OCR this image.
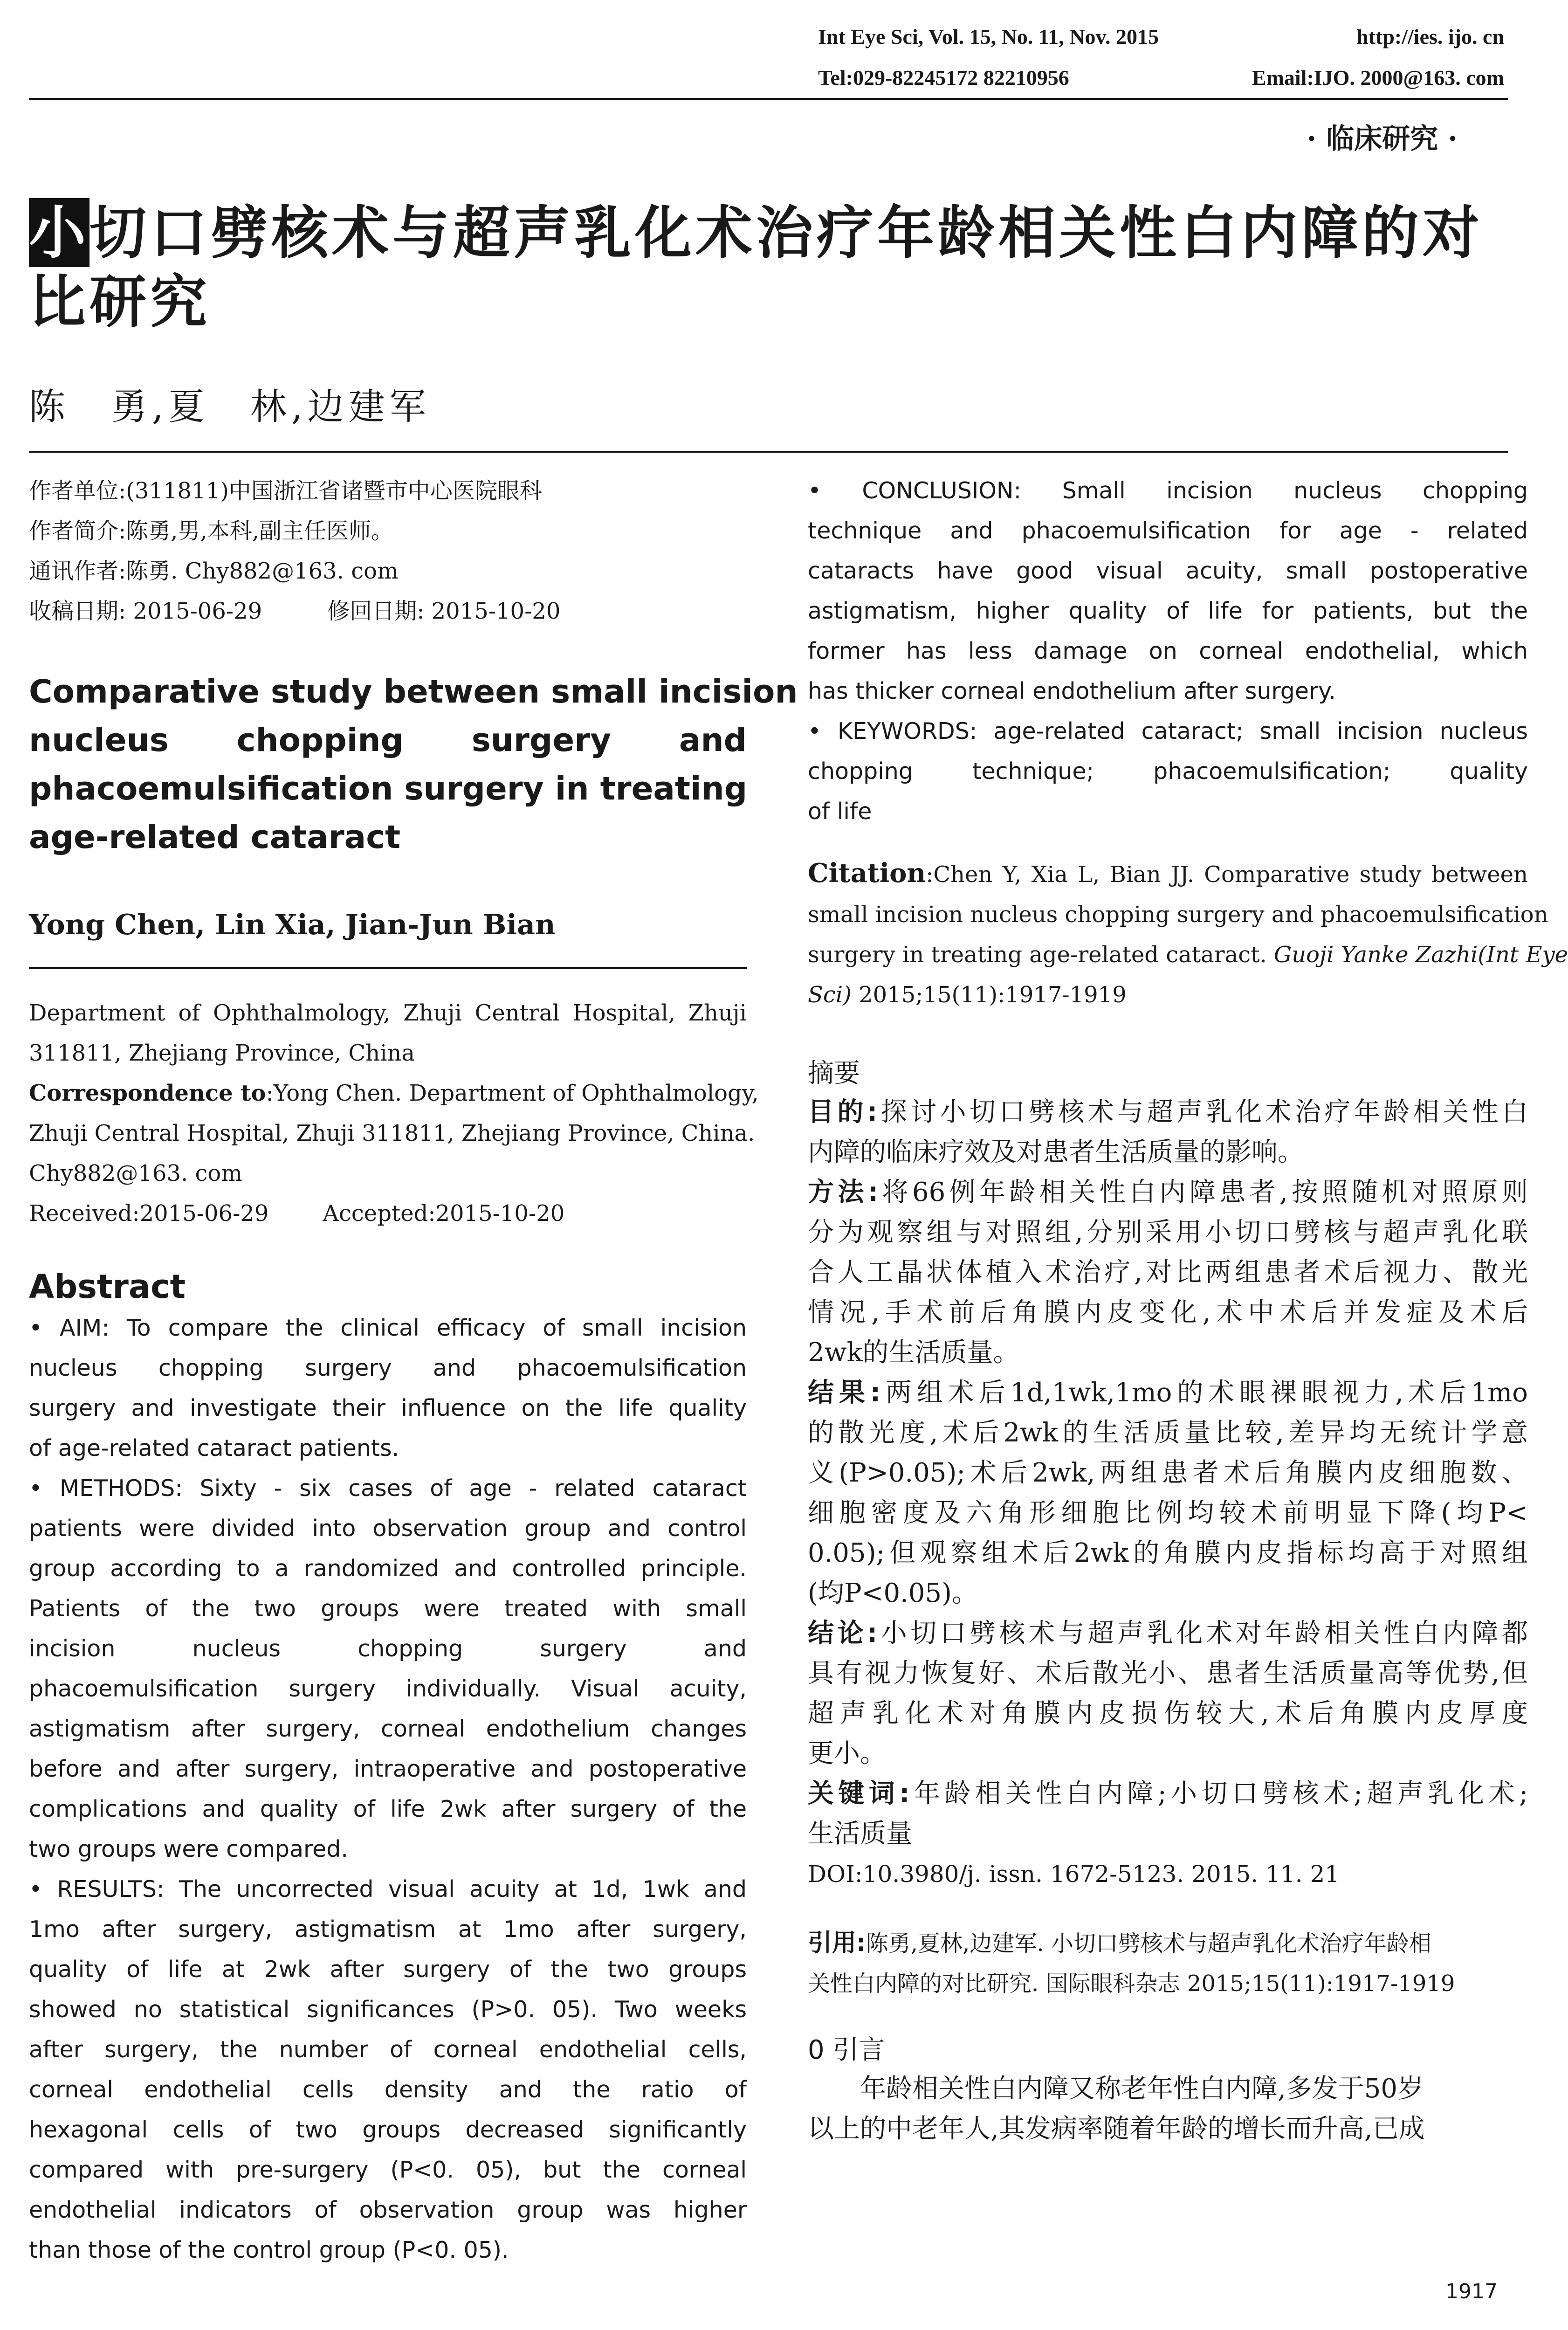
Int Eye Sci, Vol. 15, No. 11, Nov. 2015	http://ies. ijo. cn
Tel:029-82245172 82210956	Email:IJO. 2000@163. com
· 临床研究 ·
小切口劈核术与超声乳化术治疗年龄相关性白内障的对
比研究
陈　勇,夏　林,边建军
作者单位:(311811)中国浙江省诸暨市中心医院眼科
作者简介:陈勇,男,本科,副主任医师。
通讯作者:陈勇. Chy882@163. com
收稿日期: 2015-06-29	修回日期: 2015-10-20
Comparative study between small incision
nucleus chopping surgery and
phacoemulsification surgery in treating
age-related cataract
Yong Chen, Lin Xia, Jian-Jun Bian
Department of Ophthalmology, Zhuji Central Hospital, Zhuji
311811, Zhejiang Province, China
Correspondence to:Yong Chen. Department of Ophthalmology,
Zhuji Central Hospital, Zhuji 311811, Zhejiang Province, China.
Chy882@163. com
Received:2015-06-29 Accepted:2015-10-20
Abstract
• AIM: To compare the clinical efficacy of small incision
nucleus chopping surgery and phacoemulsification
surgery and investigate their influence on the life quality
of age-related cataract patients.
• METHODS: Sixty - six cases of age - related cataract
patients were divided into observation group and control
group according to a randomized and controlled principle.
Patients of the two groups were treated with small
incision nucleus chopping surgery and
phacoemulsification surgery individually. Visual acuity,
astigmatism after surgery, corneal endothelium changes
before and after surgery, intraoperative and postoperative
complications and quality of life 2wk after surgery of the
two groups were compared.
• RESULTS: The uncorrected visual acuity at 1d, 1wk and
1mo after surgery, astigmatism at 1mo after surgery,
quality of life at 2wk after surgery of the two groups
showed no statistical significances (P>0. 05). Two weeks
after surgery, the number of corneal endothelial cells,
corneal endothelial cells density and the ratio of
hexagonal cells of two groups decreased significantly
compared with pre-surgery (P<0. 05), but the corneal
endothelial indicators of observation group was higher
than those of the control group (P<0. 05).
• CONCLUSION: Small incision nucleus chopping
technique and phacoemulsification for age - related
cataracts have good visual acuity, small postoperative
astigmatism, higher quality of life for patients, but the
former has less damage on corneal endothelial, which
has thicker corneal endothelium after surgery.
• KEYWORDS: age-related cataract; small incision nucleus
chopping technique; phacoemulsification; quality
of life
Citation:Chen Y, Xia L, Bian JJ. Comparative study between
small incision nucleus chopping surgery and phacoemulsification
surgery in treating age-related cataract. Guoji Yanke Zazhi(Int Eye
Sci) 2015;15(11):1917-1919
摘要
目的:探讨小切口劈核术与超声乳化术治疗年龄相关性白
内障的临床疗效及对患者生活质量的影响。
方法:将66例年龄相关性白内障患者,按照随机对照原则
分为观察组与对照组,分别采用小切口劈核与超声乳化联
合人工晶状体植入术治疗,对比两组患者术后视力、散光
情况,手术前后角膜内皮变化,术中术后并发症及术后
2wk的生活质量。
结果:两组术后1d,1wk,1mo的术眼裸眼视力,术后1mo
的散光度,术后2wk的生活质量比较,差异均无统计学意
义(P>0.05);术后2wk,两组患者术后角膜内皮细胞数、
细胞密度及六角形细胞比例均较术前明显下降(均P<
0.05);但观察组术后2wk的角膜内皮指标均高于对照组
(均P<0.05)。
结论:小切口劈核术与超声乳化术对年龄相关性白内障都
具有视力恢复好、术后散光小、患者生活质量高等优势,但
超声乳化术对角膜内皮损伤较大,术后角膜内皮厚度
更小。
关键词:年龄相关性白内障;小切口劈核术;超声乳化术;
生活质量
DOI:10.3980/j. issn. 1672-5123. 2015. 11. 21
引用:陈勇,夏林,边建军. 小切口劈核术与超声乳化术治疗年龄相
关性白内障的对比研究. 国际眼科杂志 2015;15(11):1917-1919
0 引言
年龄相关性白内障又称老年性白内障,多发于50岁
以上的中老年人,其发病率随着年龄的增长而升高,已成
1917
